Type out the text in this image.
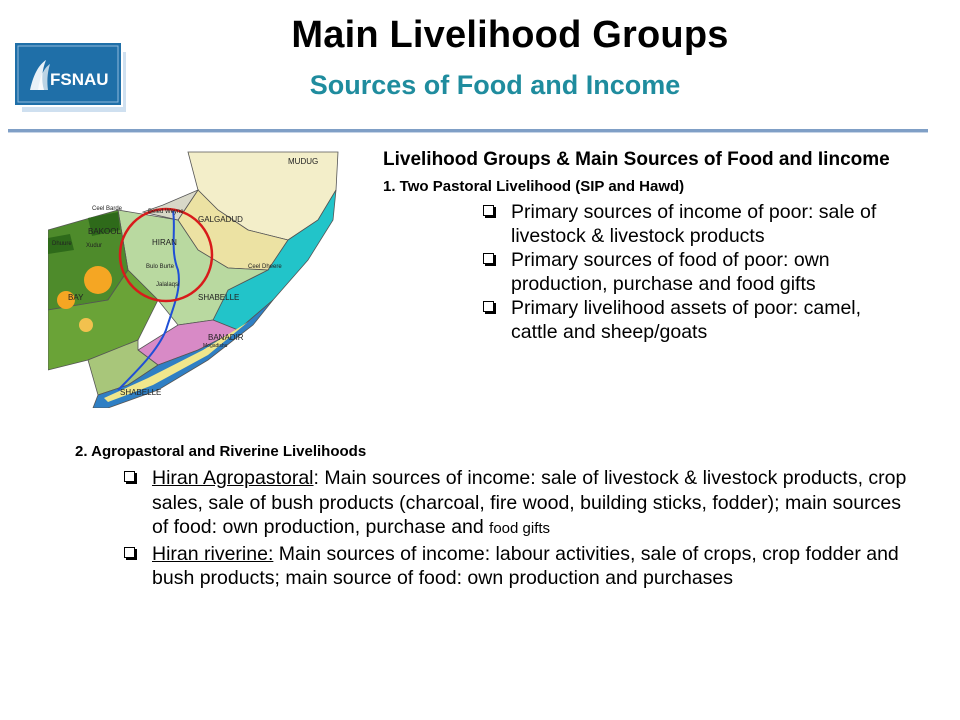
FSNAU
Main Livelihood Groups
Sources of Food and Income
MUDUG
GALGADUD
HIRAN
BAKOOL
BAY	SHABELLE
BANADIR
SHABELLE
Dhuure Xudur
Ceel Barde	Beled Weyne
Bulo Burte
Jalalaqsi
Ceel Dheere
Mogadishu

Livelihood Groups & Main Sources of Food and Iincome

1. Two Pastoral Livelihood (SIP and Hawd)
Primary sources of income of poor: sale of livestock & livestock products
Primary sources of food of poor: own production, purchase and food gifts
Primary livelihood assets of poor: camel, cattle and sheep/goats
2. Agropastoral and Riverine Livelihoods
Hiran Agropastoral: Main sources of income: sale of livestock & livestock products, crop sales, sale of bush products (charcoal, fire wood, building sticks, fodder); main sources of food: own production, purchase and food gifts
Hiran riverine: Main sources of income: labour activities, sale of crops, crop fodder and bush products; main source of food: own production and purchases
